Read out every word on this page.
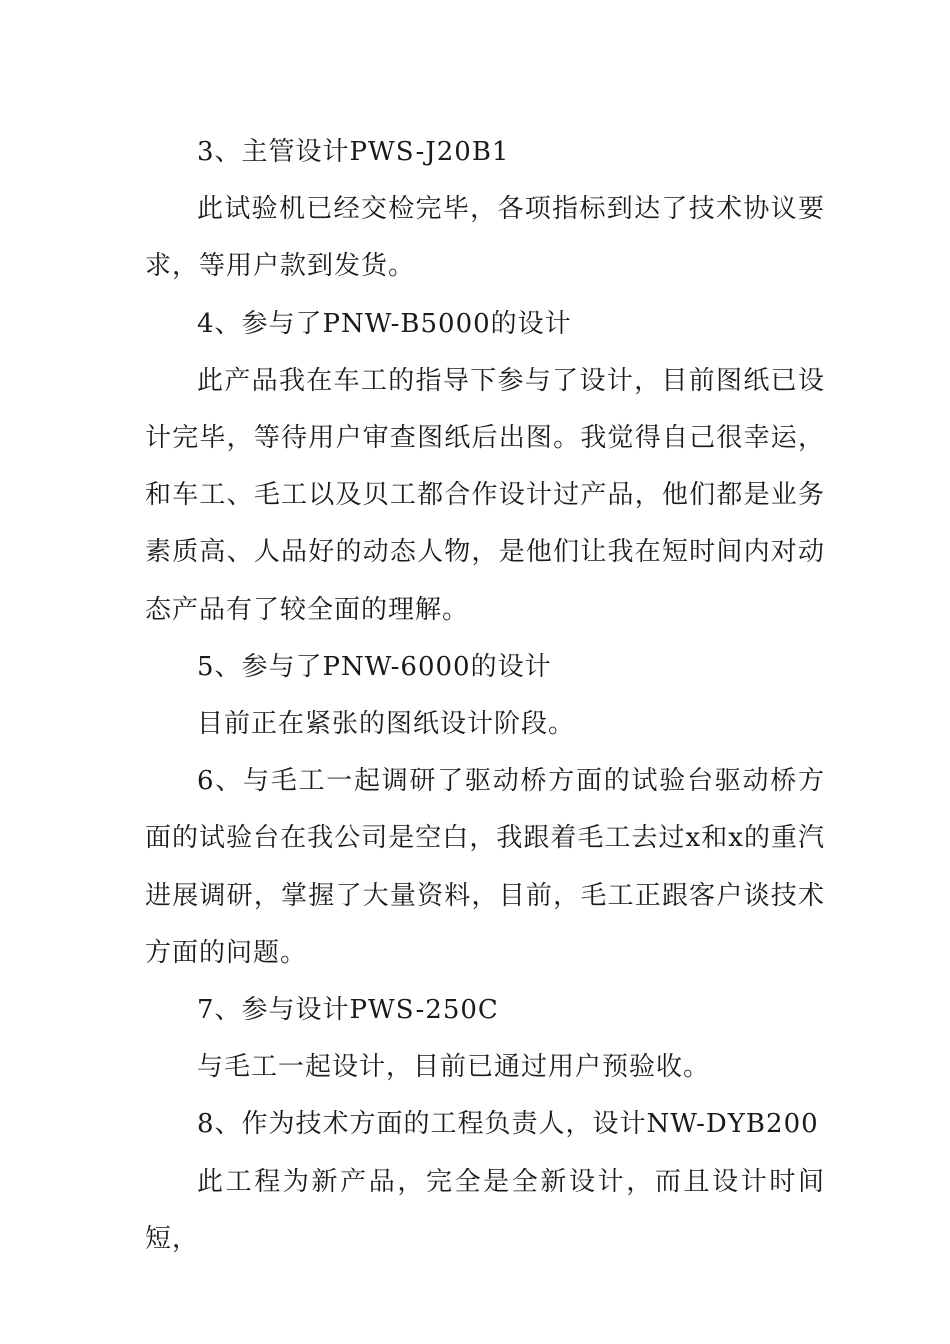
3、主管设计PWS-J20B1

此试验机已经交检完毕，各项指标到达了技术协议要求，等用户款到发货。

4、参与了PNW-B5000的设计

此产品我在车工的指导下参与了设计，目前图纸已设计完毕，等待用户审查图纸后出图。我觉得自己很幸运，和车工、毛工以及贝工都合作设计过产品，他们都是业务素质高、人品好的动态人物，是他们让我在短时间内对动态产品有了较全面的理解。

5、参与了PNW-6000的设计

目前正在紧张的图纸设计阶段。

6、与毛工一起调研了驱动桥方面的试验台驱动桥方面的试验台在我公司是空白，我跟着毛工去过x和x的重汽进展调研，掌握了大量资料，目前，毛工正跟客户谈技术方面的问题。

7、参与设计PWS-250C

与毛工一起设计，目前已通过用户预验收。

8、作为技术方面的工程负责人，设计NW-DYB200

此工程为新产品，完全是全新设计，而且设计时间短，
